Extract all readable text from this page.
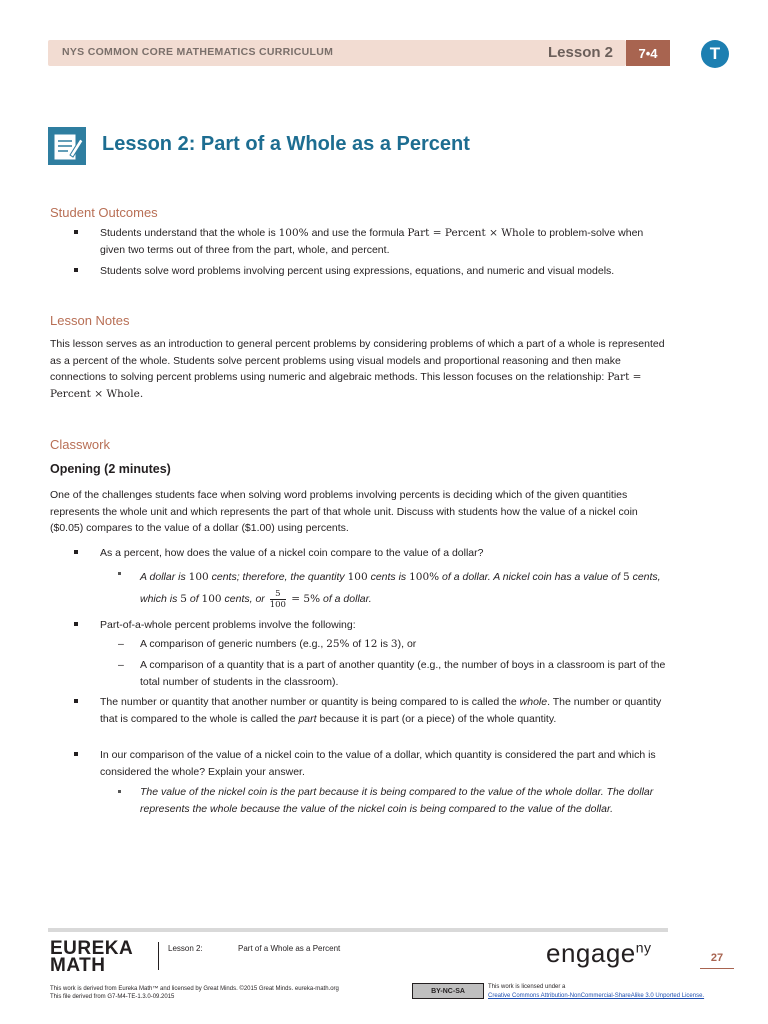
NYS COMMON CORE MATHEMATICS CURRICULUM	Lesson 2	7•4	T
Lesson 2: Part of a Whole as a Percent
Student Outcomes
Students understand that the whole is 100% and use the formula Part = Percent × Whole to problem-solve when given two terms out of three from the part, whole, and percent.
Students solve word problems involving percent using expressions, equations, and numeric and visual models.
Lesson Notes
This lesson serves as an introduction to general percent problems by considering problems of which a part of a whole is represented as a percent of the whole. Students solve percent problems using visual models and proportional reasoning and then make connections to solving percent problems using numeric and algebraic methods. This lesson focuses on the relationship: Part = Percent × Whole.
Classwork
Opening (2 minutes)
One of the challenges students face when solving word problems involving percents is deciding which of the given quantities represents the whole unit and which represents the part of that whole unit. Discuss with students how the value of a nickel coin ($0.05) compares to the value of a dollar ($1.00) using percents.
As a percent, how does the value of a nickel coin compare to the value of a dollar?
A dollar is 100 cents; therefore, the quantity 100 cents is 100% of a dollar. A nickel coin has a value of 5 cents, which is 5 of 100 cents, or $\frac{5}{100} = 5\%$ of a dollar.
Part-of-a-whole percent problems involve the following:
– A comparison of generic numbers (e.g., 25% of 12 is 3), or
– A comparison of a quantity that is a part of another quantity (e.g., the number of boys in a classroom is part of the total number of students in the classroom).
The number or quantity that another number or quantity is being compared to is called the whole. The number or quantity that is compared to the whole is called the part because it is part (or a piece) of the whole quantity.
In our comparison of the value of a nickel coin to the value of a dollar, which quantity is considered the part and which is considered the whole? Explain your answer.
The value of the nickel coin is the part because it is being compared to the value of the whole dollar. The dollar represents the whole because the value of the nickel coin is being compared to the value of the dollar.
EUREKA
MATH
Lesson 2:	Part of a Whole as a Percent	engage$^{ny}$
27
This work is derived from Eureka Math™ and licensed by Great Minds. ©2015 Great Minds. eureka-math.org
This file derived from G7-M4-TE-1.3.0-09.2015
BY-NC-SA
This work is licensed under a
Creative Commons Attribution-NonCommercial-ShareAlike 3.0 Unported License.
